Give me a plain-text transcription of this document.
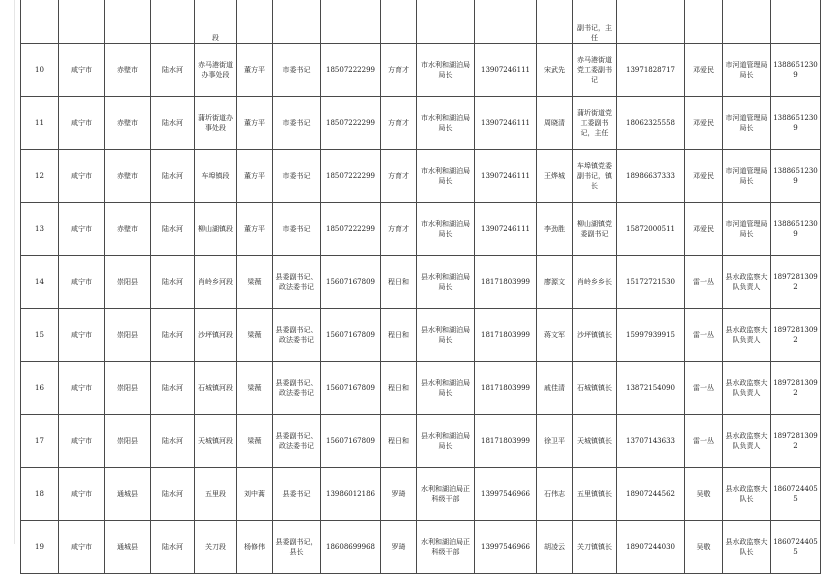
				段								副书记，主任				
10	咸宁市	赤壁市	陆水河	赤马港街道办事处段	董方平	市委书记	18507222299	方育才	市水利和湖泊局局长	13907246111	宋武先	赤马港街道党工委副书记	13971828717	邓爱民	市河道管理局局长	13886512309
11	咸宁市	赤壁市	陆水河	蒲圻街道办事处段	董方平	市委书记	18507222299	方育才	市水利和湖泊局局长	13907246111	周晓清	蒲圻街道党工委副书记，主任	18062325558	邓爱民	市河道管理局局长	13886512309
12	咸宁市	赤壁市	陆水河	车埠镇段	董方平	市委书记	18507222299	方育才	市水利和湖泊局局长	13907246111	王烨城	车埠镇党委副书记，镇长	18986637333	邓爱民	市河道管理局局长	13886512309
13	咸宁市	赤壁市	陆水河	柳山湖镇段	董方平	市委书记	18507222299	方育才	市水利和湖泊局局长	13907246111	李劲胜	柳山湖镇党委副书记	15872000511	邓爱民	市河道管理局局长	13886512309
14	咸宁市	崇阳县	陆水河	肖岭乡河段	梁薇	县委副书记、政法委书记	15607167809	程日和	县水利和湖泊局局长	18171803999	廖源文	肖岭乡乡长	15172721530	雷一丛	县水政监察大队负责人	18972813092
15	咸宁市	崇阳县	陆水河	沙坪镇河段	梁薇	县委副书记、政法委书记	15607167809	程日和	县水利和湖泊局局长	18171803999	蒋文军	沙坪镇镇长	15997939915	雷一丛	县水政监察大队负责人	18972813092
16	咸宁市	崇阳县	陆水河	石城镇河段	梁薇	县委副书记、政法委书记	15607167809	程日和	县水利和湖泊局局长	18171803999	戚佳清	石城镇镇长	13872154090	雷一丛	县水政监察大队负责人	18972813092
17	咸宁市	崇阳县	陆水河	天城镇河段	梁薇	县委副书记、政法委书记	15607167809	程日和	县水利和湖泊局局长	18171803999	徐卫平	天城镇镇长	13707143633	雷一丛	县水政监察大队负责人	18972813092
18	咸宁市	通城县	陆水河	五里段	刘中蒿	县委书记	13986012186	罗琦	水利和湖泊局正科级干部	13997546966	石伟志	五里镇镇长	18907244562	吴敬	县水政监察大队长	18607244055
19	咸宁市	通城县	陆水河	关刀段	杨修伟	县委副书记，县长	18608699968	罗琦	水利和湖泊局正科级干部	13997546966	胡凌云	关刀镇镇长	18907244030	吴敬	县水政监察大队长	18607244055
